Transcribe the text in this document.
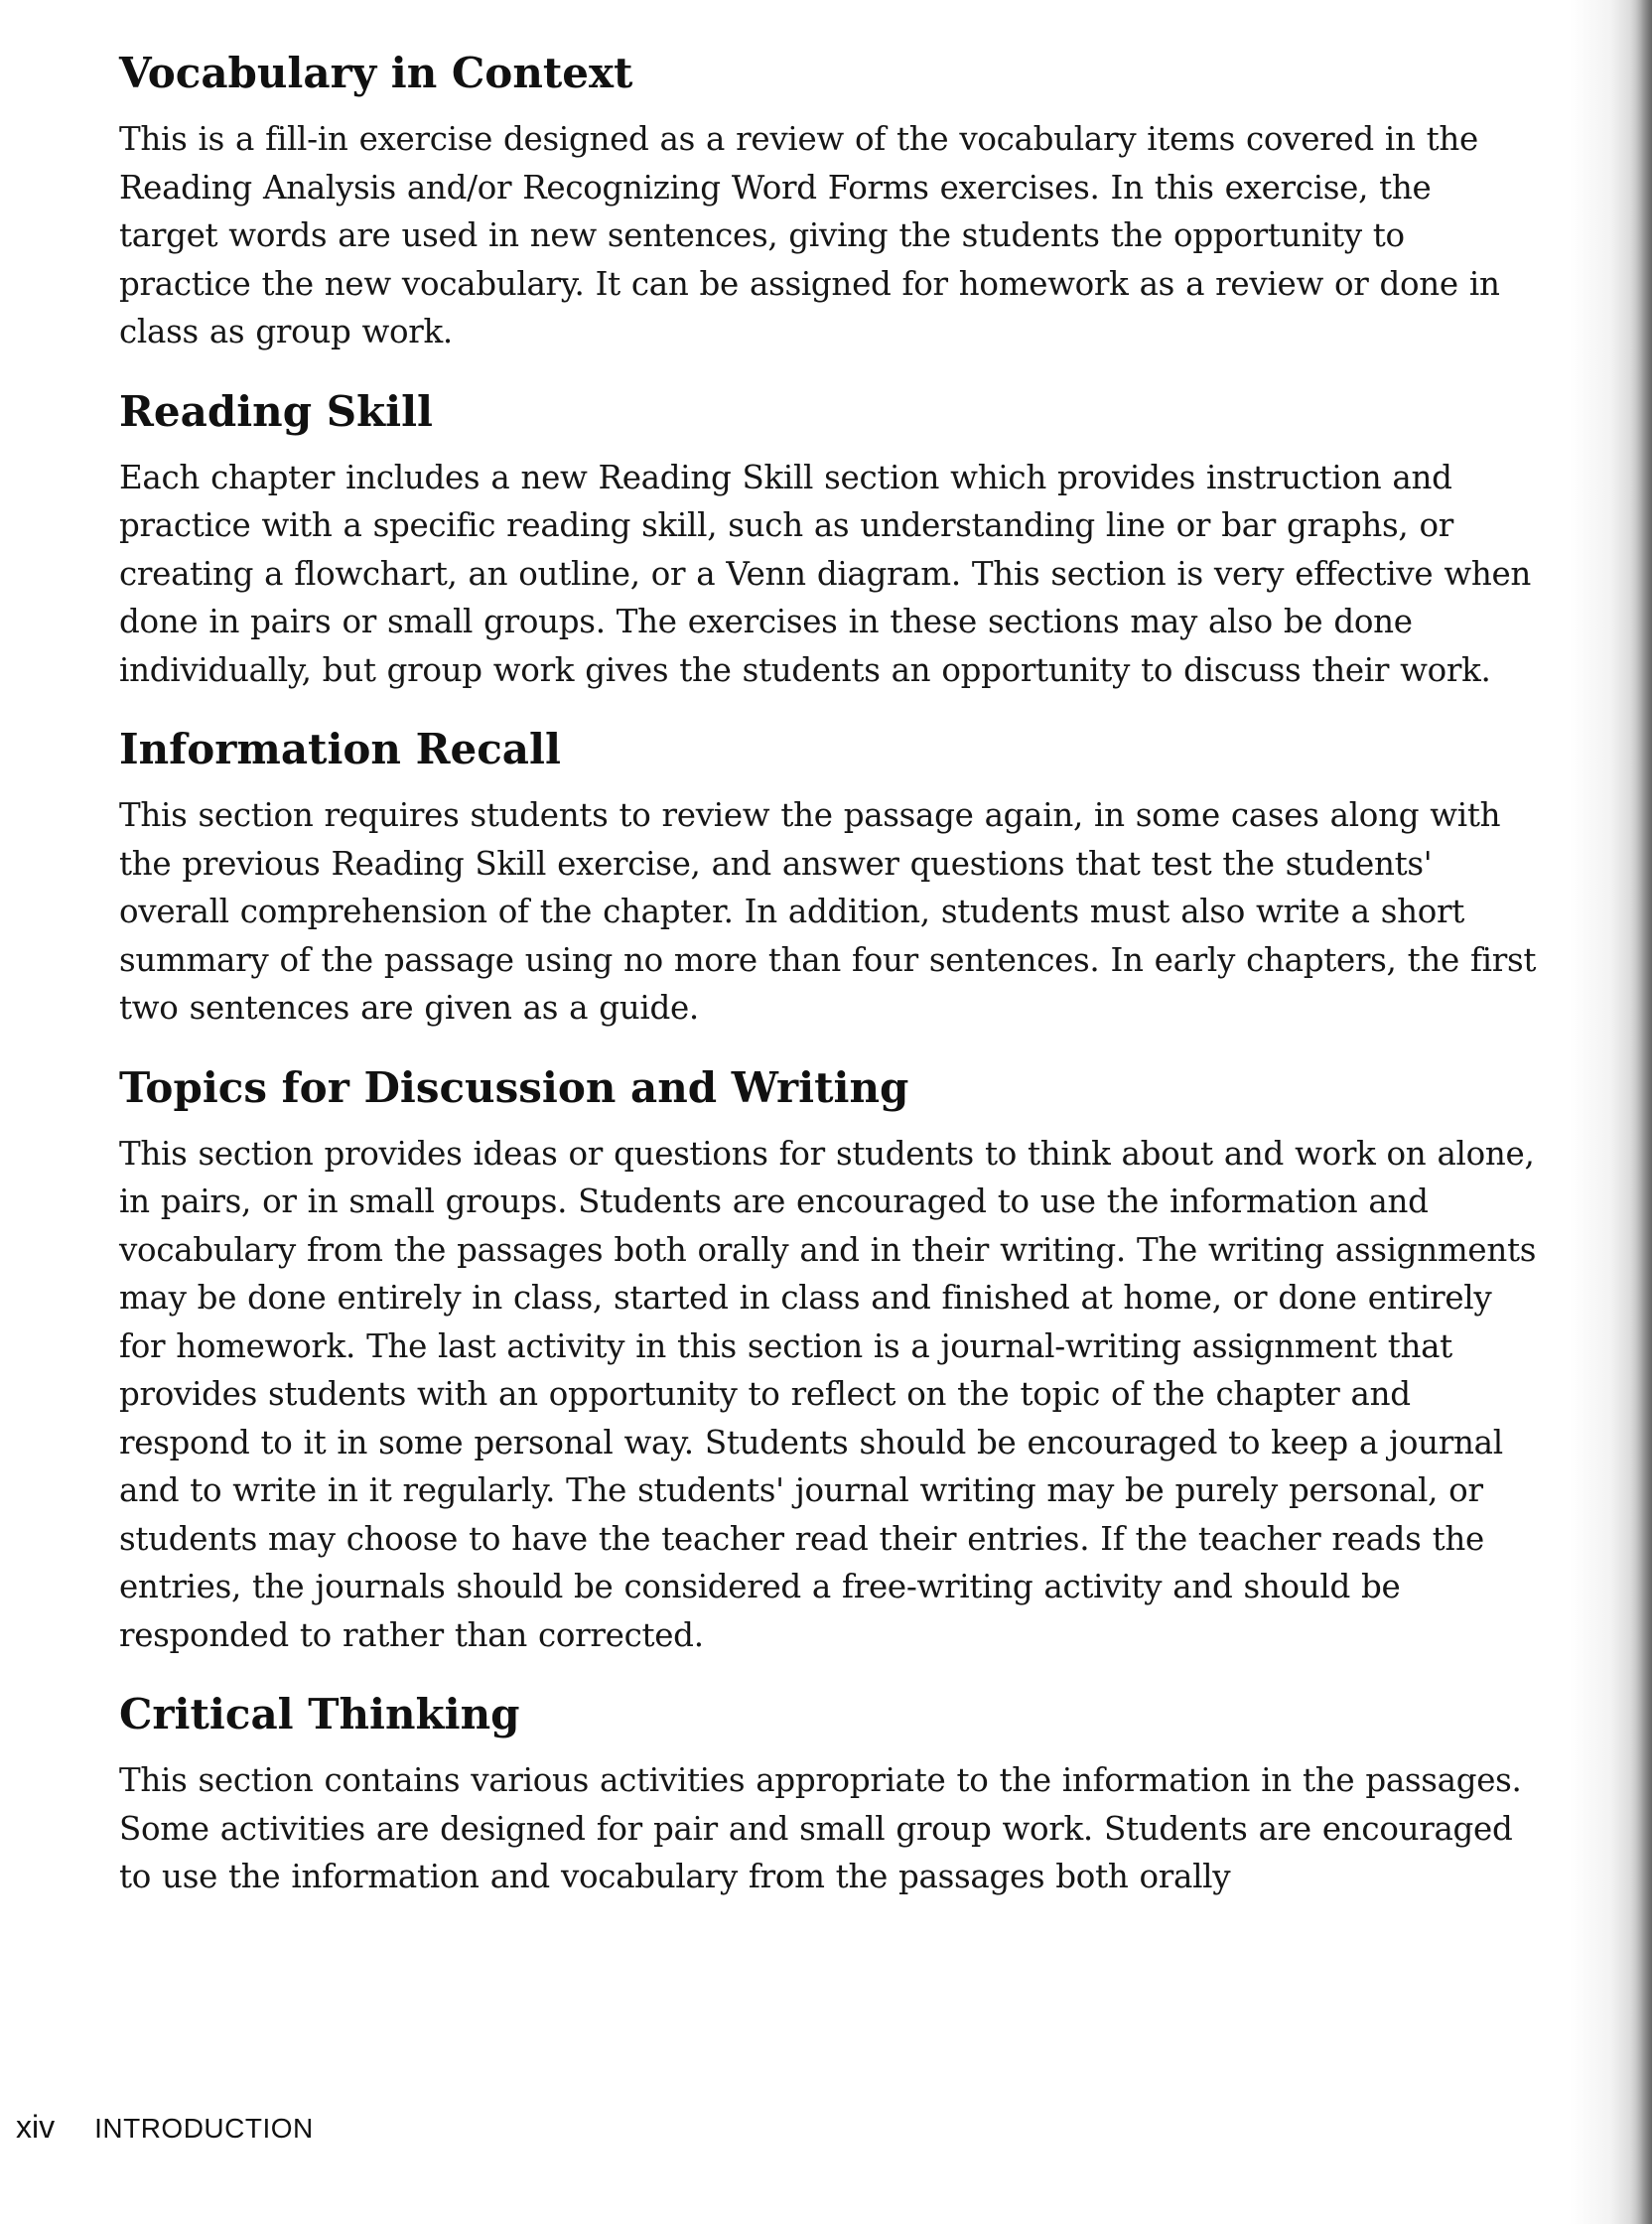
Vocabulary in Context

This is a fill-in exercise designed as a review of the vocabulary items covered in the Reading Analysis and/or Recognizing Word Forms exercises. In this exercise, the target words are used in new sentences, giving the students the opportunity to practice the new vocabulary. It can be assigned for homework as a review or done in class as group work.

Reading Skill

Each chapter includes a new Reading Skill section which provides instruction and practice with a specific reading skill, such as understanding line or bar graphs, or creating a flowchart, an outline, or a Venn diagram. This section is very effective when done in pairs or small groups. The exercises in these sections may also be done individually, but group work gives the students an opportunity to discuss their work.

Information Recall

This section requires students to review the passage again, in some cases along with the previous Reading Skill exercise, and answer questions that test the students' overall comprehension of the chapter. In addition, students must also write a short summary of the passage using no more than four sentences. In early chapters, the first two sentences are given as a guide.

Topics for Discussion and Writing

This section provides ideas or questions for students to think about and work on alone, in pairs, or in small groups. Students are encouraged to use the information and vocabulary from the passages both orally and in their writing. The writing assignments may be done entirely in class, started in class and finished at home, or done entirely for homework. The last activity in this section is a journal-writing assignment that provides students with an opportunity to reflect on the topic of the chapter and respond to it in some personal way. Students should be encouraged to keep a journal and to write in it regularly. The students' journal writing may be purely personal, or students may choose to have the teacher read their entries. If the teacher reads the entries, the journals should be considered a free-writing activity and should be responded to rather than corrected.

Critical Thinking

This section contains various activities appropriate to the information in the passages. Some activities are designed for pair and small group work. Students are encouraged to use the information and vocabulary from the passages both orally

xiv INTRODUCTION
